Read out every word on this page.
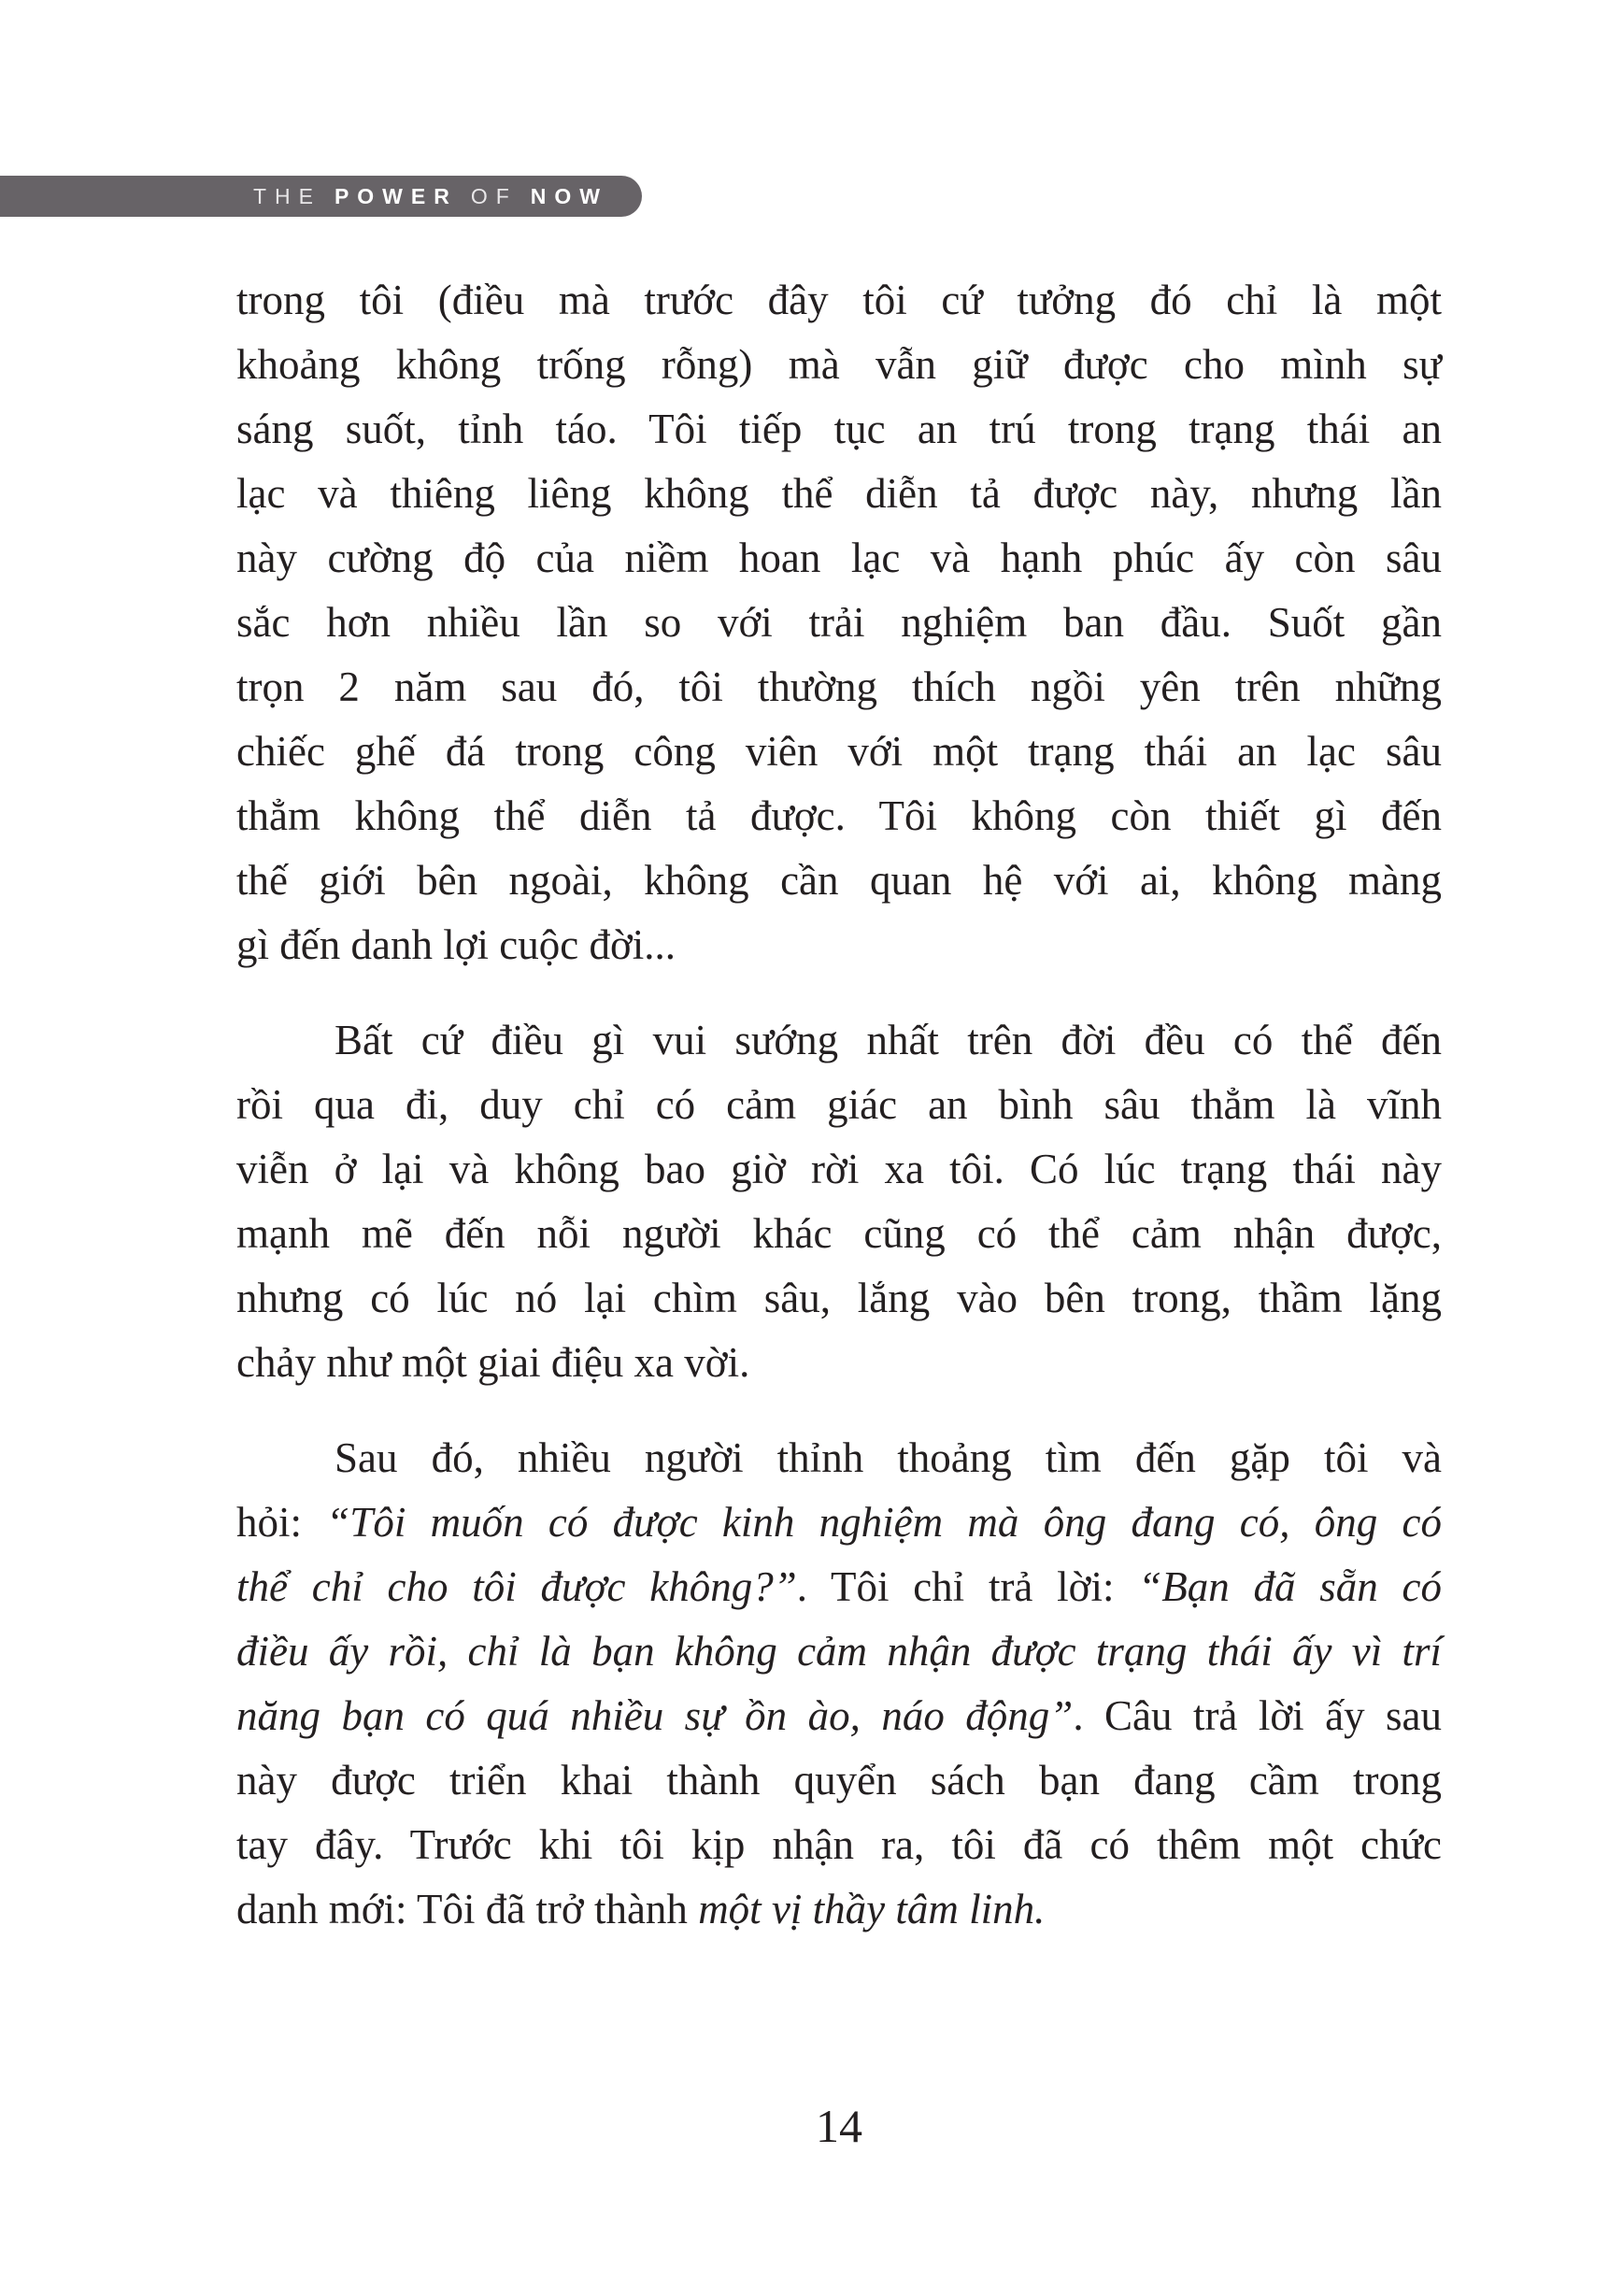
THE POWER OF NOW
trong tôi (điều mà trước đây tôi cứ tưởng đó chỉ là một
khoảng không trống rỗng) mà vẫn giữ được cho mình sự
sáng suốt, tỉnh táo. Tôi tiếp tục an trú trong trạng thái an
lạc và thiêng liêng không thể diễn tả được này, nhưng lần
này cường độ của niềm hoan lạc và hạnh phúc ấy còn sâu
sắc hơn nhiều lần so với trải nghiệm ban đầu. Suốt gần
trọn 2 năm sau đó, tôi thường thích ngồi yên trên những
chiếc ghế đá trong công viên với một trạng thái an lạc sâu
thẳm không thể diễn tả được. Tôi không còn thiết gì đến
thế giới bên ngoài, không cần quan hệ với ai, không màng
gì đến danh lợi cuộc đời...
Bất cứ điều gì vui sướng nhất trên đời đều có thể đến
rồi qua đi, duy chỉ có cảm giác an bình sâu thẳm là vĩnh
viễn ở lại và không bao giờ rời xa tôi. Có lúc trạng thái này
mạnh mẽ đến nỗi người khác cũng có thể cảm nhận được,
nhưng có lúc nó lại chìm sâu, lắng vào bên trong, thầm lặng
chảy như một giai điệu xa vời.
Sau đó, nhiều người thỉnh thoảng tìm đến gặp tôi và
hỏi: “Tôi muốn có được kinh nghiệm mà ông đang có, ông có
thể chỉ cho tôi được không?”. Tôi chỉ trả lời: “Bạn đã sẵn có
điều ấy rồi, chỉ là bạn không cảm nhận được trạng thái ấy vì trí
năng bạn có quá nhiều sự ồn ào, náo động”. Câu trả lời ấy sau
này được triển khai thành quyển sách bạn đang cầm trong
tay đây. Trước khi tôi kịp nhận ra, tôi đã có thêm một chức
danh mới: Tôi đã trở thành một vị thầy tâm linh.
14
